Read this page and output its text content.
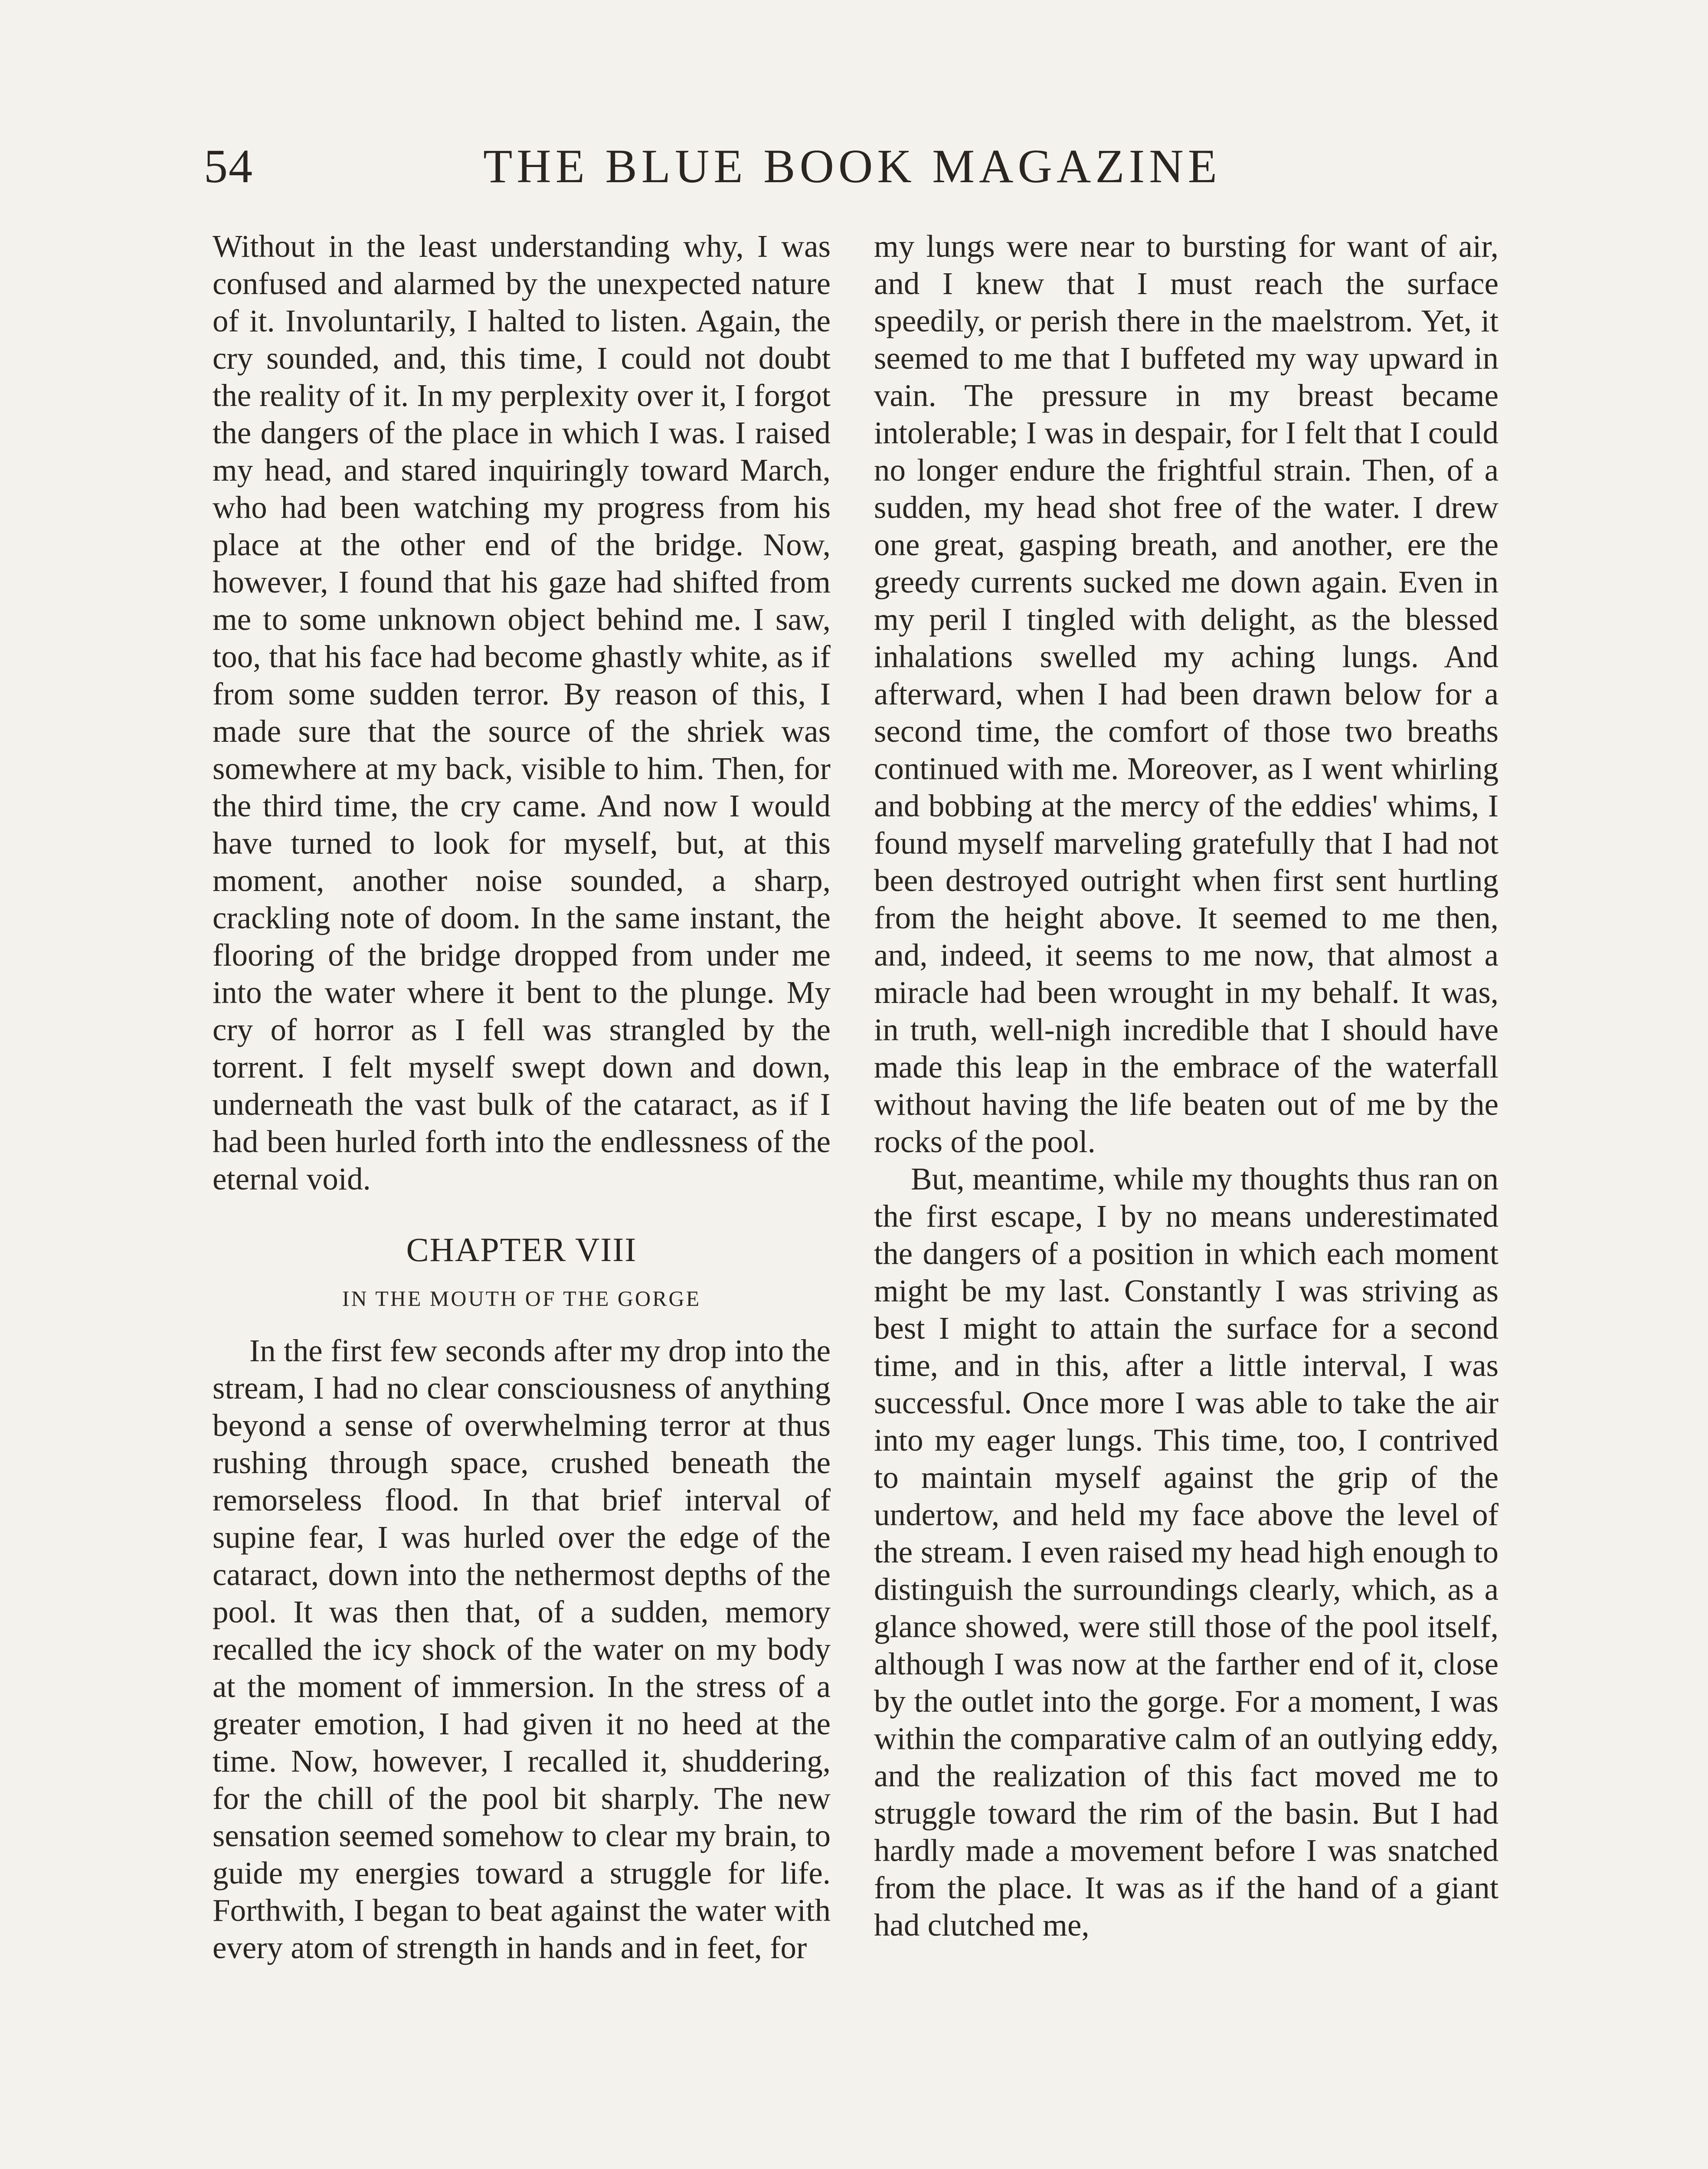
54	THE BLUE BOOK MAGAZINE

Without in the least understanding why, I was confused and alarmed by the unexpected nature of it. Involuntarily, I halted to listen. Again, the cry sounded, and, this time, I could not doubt the reality of it. In my perplexity over it, I forgot the dangers of the place in which I was. I raised my head, and stared inquiringly toward March, who had been watching my progress from his place at the other end of the bridge. Now, however, I found that his gaze had shifted from me to some unknown object behind me. I saw, too, that his face had become ghastly white, as if from some sudden terror. By reason of this, I made sure that the source of the shriek was somewhere at my back, visible to him. Then, for the third time, the cry came. And now I would have turned to look for myself, but, at this moment, another noise sounded, a sharp, crackling note of doom. In the same instant, the flooring of the bridge dropped from under me into the water where it bent to the plunge. My cry of horror as I fell was strangled by the torrent. I felt myself swept down and down, underneath the vast bulk of the cataract, as if I had been hurled forth into the endlessness of the eternal void.

CHAPTER VIII
IN THE MOUTH OF THE GORGE

In the first few seconds after my drop into the stream, I had no clear consciousness of anything beyond a sense of overwhelming terror at thus rushing through space, crushed beneath the remorseless flood. In that brief interval of supine fear, I was hurled over the edge of the cataract, down into the nethermost depths of the pool. It was then that, of a sudden, memory recalled the icy shock of the water on my body at the moment of immersion. In the stress of a greater emotion, I had given it no heed at the time. Now, however, I recalled it, shuddering, for the chill of the pool bit sharply. The new sensation seemed somehow to clear my brain, to guide my energies toward a struggle for life. Forthwith, I began to beat against the water with every atom of strength in hands and in feet, for

my lungs were near to bursting for want of air, and I knew that I must reach the surface speedily, or perish there in the maelstrom. Yet, it seemed to me that I buffeted my way upward in vain. The pressure in my breast became intolerable; I was in despair, for I felt that I could no longer endure the frightful strain. Then, of a sudden, my head shot free of the water. I drew one great, gasping breath, and another, ere the greedy currents sucked me down again. Even in my peril I tingled with delight, as the blessed inhalations swelled my aching lungs. And afterward, when I had been drawn below for a second time, the comfort of those two breaths continued with me. Moreover, as I went whirling and bobbing at the mercy of the eddies' whims, I found myself marveling gratefully that I had not been destroyed outright when first sent hurtling from the height above. It seemed to me then, and, indeed, it seems to me now, that almost a miracle had been wrought in my behalf. It was, in truth, well-nigh incredible that I should have made this leap in the embrace of the waterfall without having the life beaten out of me by the rocks of the pool.

But, meantime, while my thoughts thus ran on the first escape, I by no means underestimated the dangers of a position in which each moment might be my last. Constantly I was striving as best I might to attain the surface for a second time, and in this, after a little interval, I was successful. Once more I was able to take the air into my eager lungs. This time, too, I contrived to maintain myself against the grip of the undertow, and held my face above the level of the stream. I even raised my head high enough to distinguish the surroundings clearly, which, as a glance showed, were still those of the pool itself, although I was now at the farther end of it, close by the outlet into the gorge. For a moment, I was within the comparative calm of an outlying eddy, and the realization of this fact moved me to struggle toward the rim of the basin. But I had hardly made a movement before I was snatched from the place. It was as if the hand of a giant had clutched me,
